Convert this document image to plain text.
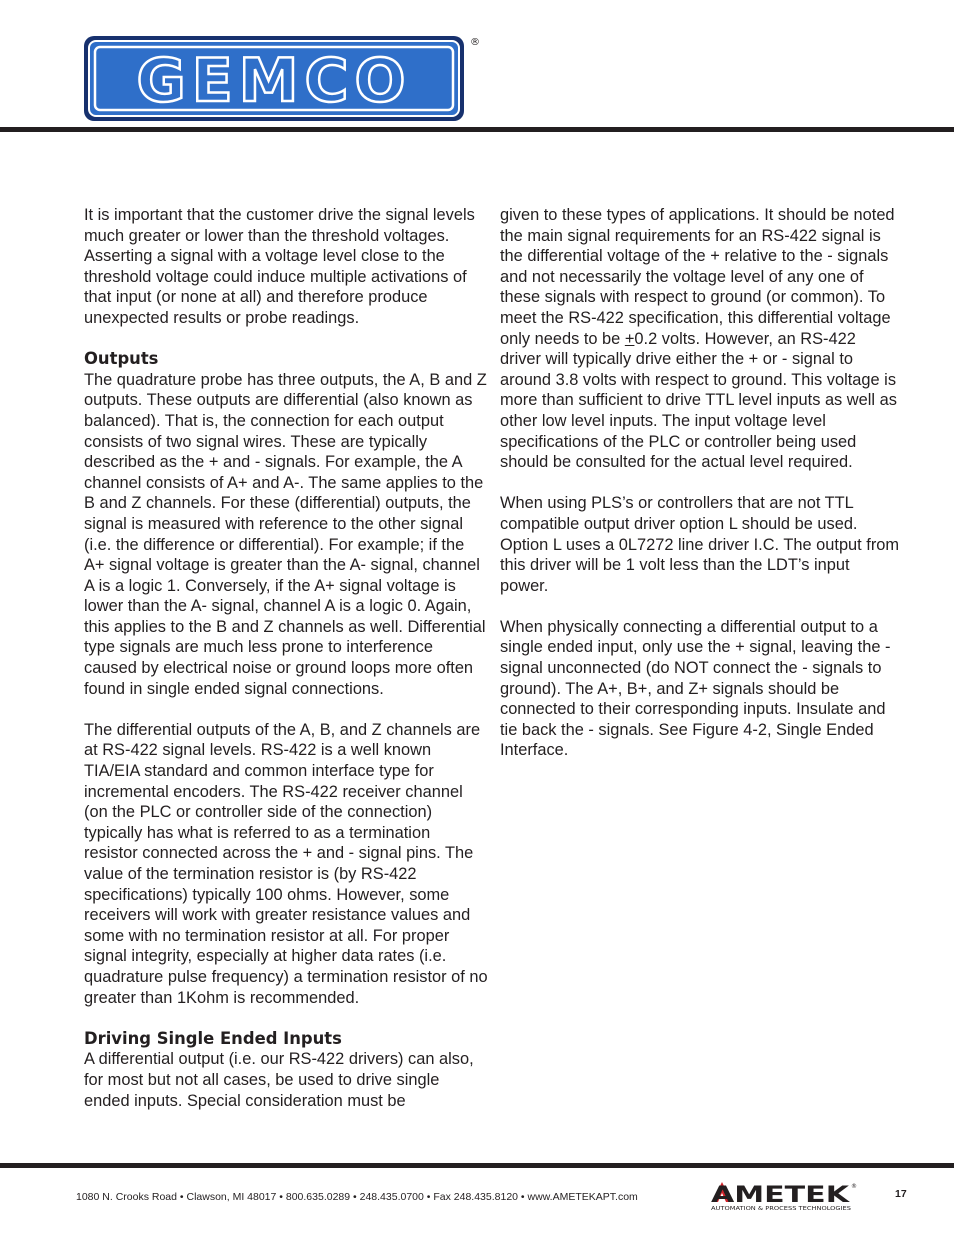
GEMCO
®

It is important that the customer drive the signal levels much greater or lower than the threshold voltages. Asserting a signal with a voltage level close to the threshold voltage could induce multiple activations of that input (or none at all) and therefore produce unexpected results or probe readings.

Outputs

The quadrature probe has three outputs, the A, B and Z outputs. These outputs are differential (also known as balanced). That is, the connection for each output consists of two signal wires. These are typically described as the + and - signals. For example, the A channel consists of A+ and A-. The same applies to the B and Z channels. For these (differential) outputs, the signal is measured with reference to the other signal (i.e. the difference or differential). For example; if the A+ signal voltage is greater than the A- signal, channel A is a logic 1. Conversely, if the A+ signal voltage is lower than the A- signal, channel A is a logic 0. Again, this applies to the B and Z channels as well. Differential type signals are much less prone to interference caused by electrical noise or ground loops more often found in single ended signal connections.

The differential outputs of the A, B, and Z channels are at RS-422 signal levels. RS-422 is a well known TIA/EIA standard and common interface type for incremental encoders. The RS-422 receiver channel (on the PLC or controller side of the connection) typically has what is referred to as a termination resistor connected across the + and - signal pins. The value of the termination resistor is (by RS-422 specifications) typically 100 ohms. However, some receivers will work with greater resistance values and some with no termination resistor at all. For proper signal integrity, especially at higher data rates (i.e. quadrature pulse frequency) a termination resistor of no greater than 1Kohm is recommended.

Driving Single Ended Inputs

A differential output (i.e. our RS-422 drivers) can also, for most but not all cases, be used to drive single ended inputs. Special consideration must be

given to these types of applications. It should be noted the main signal requirements for an RS-422 signal is the differential voltage of the + relative to the - signals and not necessarily the voltage level of any one of these signals with respect to ground (or common). To meet the RS-422 specification, this differential voltage only needs to be +0.2 volts. However, an RS-422 driver will typically drive either the + or - signal to around 3.8 volts with respect to ground. This voltage is more than sufficient to drive TTL level inputs as well as other low level inputs. The input voltage level specifications of the PLC or controller being used should be consulted for the actual level required.

When using PLS’s or controllers that are not TTL compatible output driver option L should be used. Option L uses a 0L7272 line driver I.C. The output from this driver will be 1 volt less than the LDT’s input power.

When physically connecting a differential output to a single ended input, only use the + signal, leaving the - signal unconnected (do NOT connect the - signals to ground). The A+, B+, and Z+ signals should be connected to their corresponding inputs. Insulate and tie back the - signals. See Figure 4-2, Single Ended Interface.

1080 N. Crooks Road • Clawson, MI 48017 • 800.635.0289 • 248.435.0700 • Fax 248.435.8120 • www.AMETEKAPT.com	AMETEK ®
AUTOMATION & PROCESS TECHNOLOGIES
17
